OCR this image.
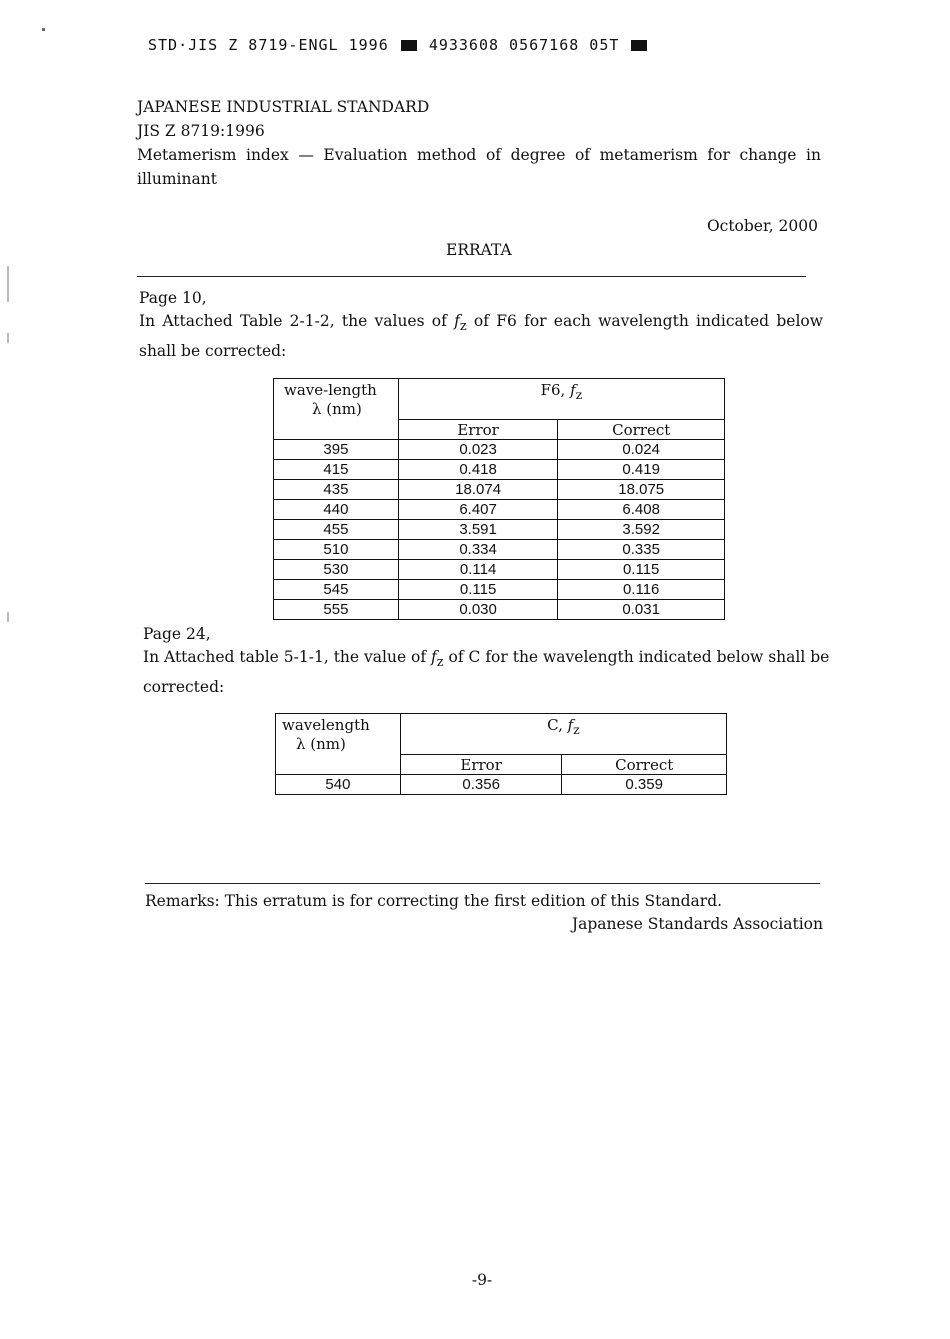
STD·JIS Z 8719-ENGL 1996	4933608 0567168 05T
JAPANESE INDUSTRIAL STANDARD
JIS Z 8719:1996
Metamerism index — Evaluation method of degree of metamerism for change in illuminant
October, 2000
ERRATA
Page 10,
In Attached Table 2-1-2, the values of $f_z$ of F6 for each wavelength indicated below shall be corrected:
wave-length
λ (nm)	F6, $f_z$
	Error	Correct
395	0.023	0.024
415	0.418	0.419
435	18.074	18.075
440	6.407	6.408
455	3.591	3.592
510	0.334	0.335
530	0.114	0.115
545	0.115	0.116
555	0.030	0.031
Page 24,
In Attached table 5-1-1, the value of $f_z$ of C for the wavelength indicated below shall be corrected:
wavelength
λ (nm)	C, $f_z$
	Error	Correct
540	0.356	0.359
Remarks: This erratum is for correcting the first edition of this Standard.
Japanese Standards Association
-9-
